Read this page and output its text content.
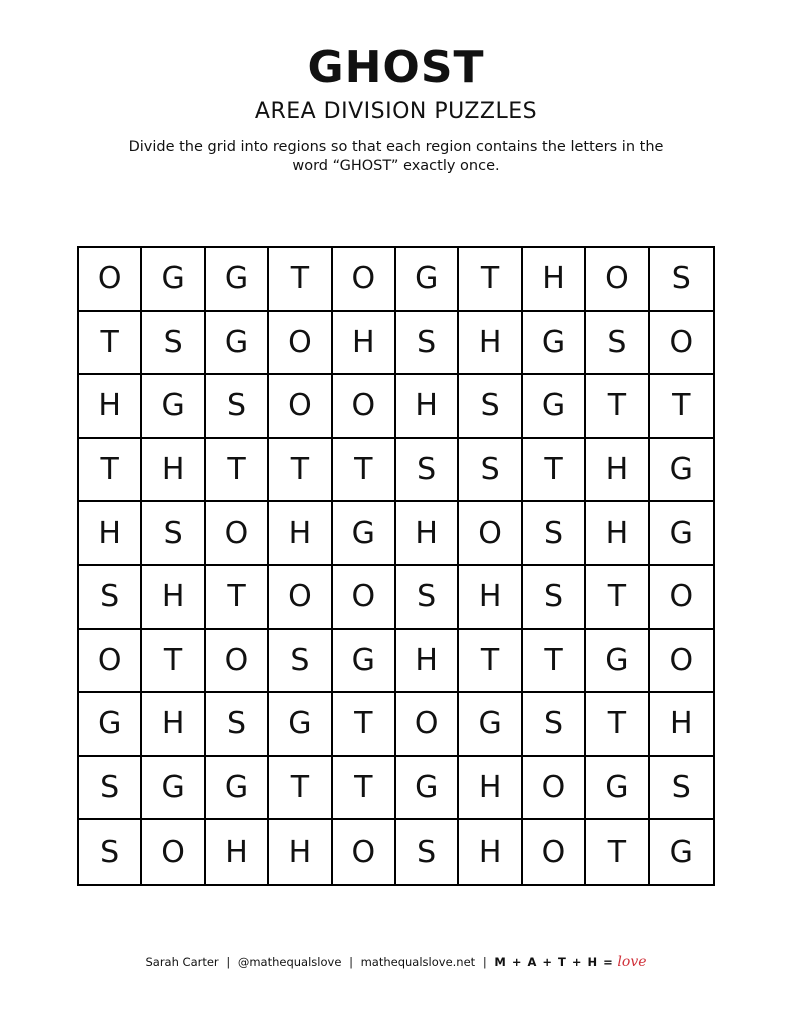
GHOST
AREA DIVISION PUZZLES
Divide the grid into regions so that each region contains the letters in the word “GHOST” exactly once.
O	G	G	T	O	G	T	H	O	S
T	S	G	O	H	S	H	G	S	O
H	G	S	O	O	H	S	G	T	T
T	H	T	T	T	S	S	T	H	G
H	S	O	H	G	H	O	S	H	G
S	H	T	O	O	S	H	S	T	O
O	T	O	S	G	H	T	T	G	O
G	H	S	G	T	O	G	S	T	H
S	G	G	T	T	G	H	O	G	S
S	O	H	H	O	S	H	O	T	G
Sarah Carter | @mathequalslove | mathequalslove.net | M + A + T + H = love
